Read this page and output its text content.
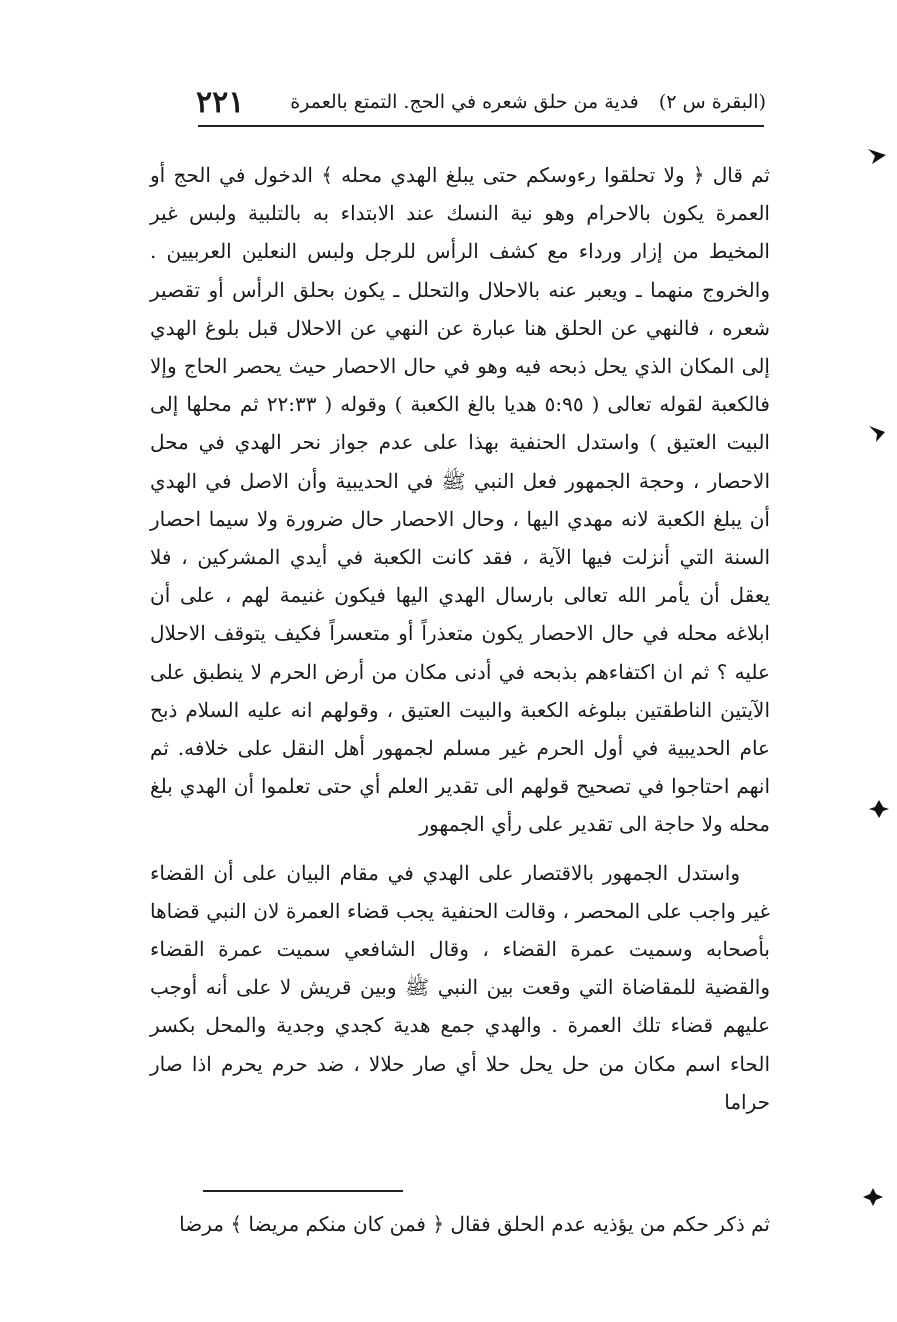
(البقرة س ٢) فدية من حلق شعره في الحج. التمتع بالعمرة
٢٢١

ثم قال ﴿ ولا تحلقوا رءوسكم حتى يبلغ الهدي محله ﴾ الدخول في الحج أو العمرة يكون بالاحرام وهو نية النسك عند الابتداء به بالتلبية ولبس غير المخيط من إزار ورداء مع كشف الرأس للرجل ولبس النعلين العربيين . والخروج منهما ـ ويعبر عنه بالاحلال والتحلل ـ يكون بحلق الرأس أو تقصير شعره ، فالنهي عن الحلق هنا عبارة عن النهي عن الاحلال قبل بلوغ الهدي إلى المكان الذي يحل ذبحه فيه وهو في حال الاحصار حيث يحصر الحاج وإلا فالكعبة لقوله تعالى ( ٥:٩٥ هديا بالغ الكعبة ) وقوله ( ٢٢:٣٣ ثم محلها إلى البيت العتيق ) واستدل الحنفية بهذا على عدم جواز نحر الهدي في محل الاحصار ، وحجة الجمهور فعل النبي ﷺ في الحديبية وأن الاصل في الهدي أن يبلغ الكعبة لانه مهدي اليها ، وحال الاحصار حال ضرورة ولا سيما احصار السنة التي أنزلت فيها الآية ، فقد كانت الكعبة في أيدي المشركين ، فلا يعقل أن يأمر الله تعالى بارسال الهدي اليها فيكون غنيمة لهم ، على أن ابلاغه محله في حال الاحصار يكون متعذراً أو متعسراً فكيف يتوقف الاحلال عليه ؟ ثم ان اكتفاءهم بذبحه في أدنى مكان من أرض الحرم لا ينطبق على الآيتين الناطقتين ببلوغه الكعبة والبيت العتيق ، وقولهم انه عليه السلام ذبح عام الحديبية في أول الحرم غير مسلم لجمهور أهل النقل على خلافه. ثم انهم احتاجوا في تصحيح قولهم الى تقدير العلم أي حتى تعلموا أن الهدي بلغ محله ولا حاجة الى تقدير على رأي الجمهور

واستدل الجمهور بالاقتصار على الهدي في مقام البيان على أن القضاء غير واجب على المحصر ، وقالت الحنفية يجب قضاء العمرة لان النبي قضاها بأصحابه وسميت عمرة القضاء ، وقال الشافعي سميت عمرة القضاء والقضية للمقاضاة التي وقعت بين النبي ﷺ وبين قريش لا على أنه أوجب عليهم قضاء تلك العمرة . والهدي جمع هدية كجدي وجدية والمحل بكسر الحاء اسم مكان من حل يحل حلا أي صار حلالا ، ضد حرم يحرم اذا صار حراما

ثم ذكر حكم من يؤذيه عدم الحلق فقال ﴿ فمن كان منكم مريضا ﴾ مرضا
